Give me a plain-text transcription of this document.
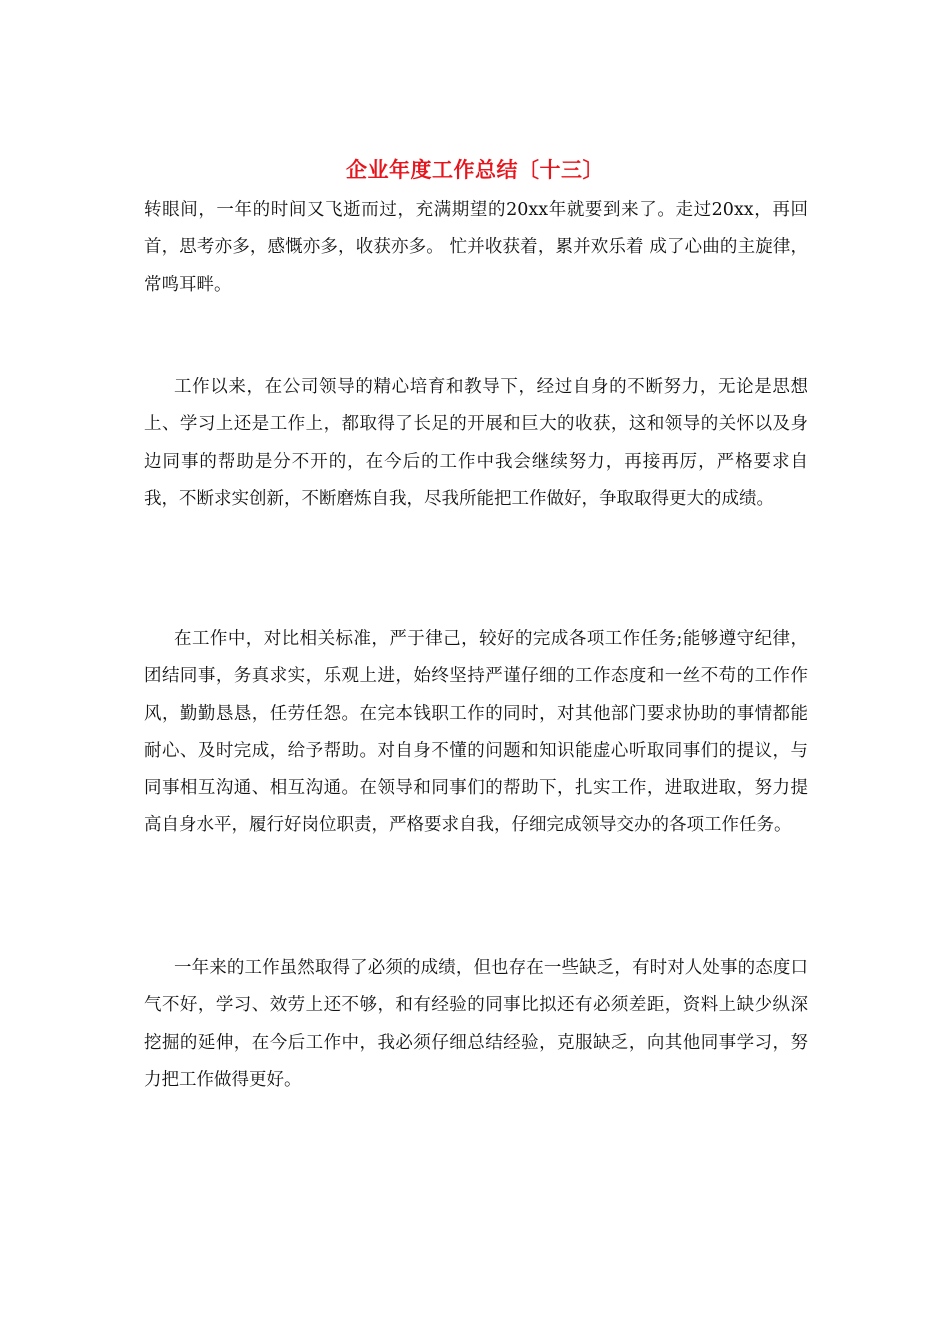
企业年度工作总结〔十三〕

转眼间，一年的时间又飞逝而过，充满期望的20xx年就要到来了。走过20xx，再回首，思考亦多，感慨亦多，收获亦多。 忙并收获着，累并欢乐着 成了心曲的主旋律，常鸣耳畔。

工作以来，在公司领导的精心培育和教导下，经过自身的不断努力，无论是思想上、学习上还是工作上，都取得了长足的开展和巨大的收获，这和领导的关怀以及身边同事的帮助是分不开的，在今后的工作中我会继续努力，再接再厉，严格要求自我，不断求实创新，不断磨炼自我，尽我所能把工作做好，争取取得更大的成绩。

在工作中，对比相关标准，严于律己，较好的完成各项工作任务;能够遵守纪律，团结同事，务真求实，乐观上进，始终坚持严谨仔细的工作态度和一丝不苟的工作作风，勤勤恳恳，任劳任怨。在完本钱职工作的同时，对其他部门要求协助的事情都能耐心、及时完成，给予帮助。对自身不懂的问题和知识能虚心听取同事们的提议，与同事相互沟通、相互沟通。在领导和同事们的帮助下，扎实工作，进取进取，努力提高自身水平，履行好岗位职责，严格要求自我，仔细完成领导交办的各项工作任务。

一年来的工作虽然取得了必须的成绩，但也存在一些缺乏，有时对人处事的态度口气不好，学习、效劳上还不够，和有经验的同事比拟还有必须差距，资料上缺少纵深挖掘的延伸，在今后工作中，我必须仔细总结经验，克服缺乏，向其他同事学习，努力把工作做得更好。
